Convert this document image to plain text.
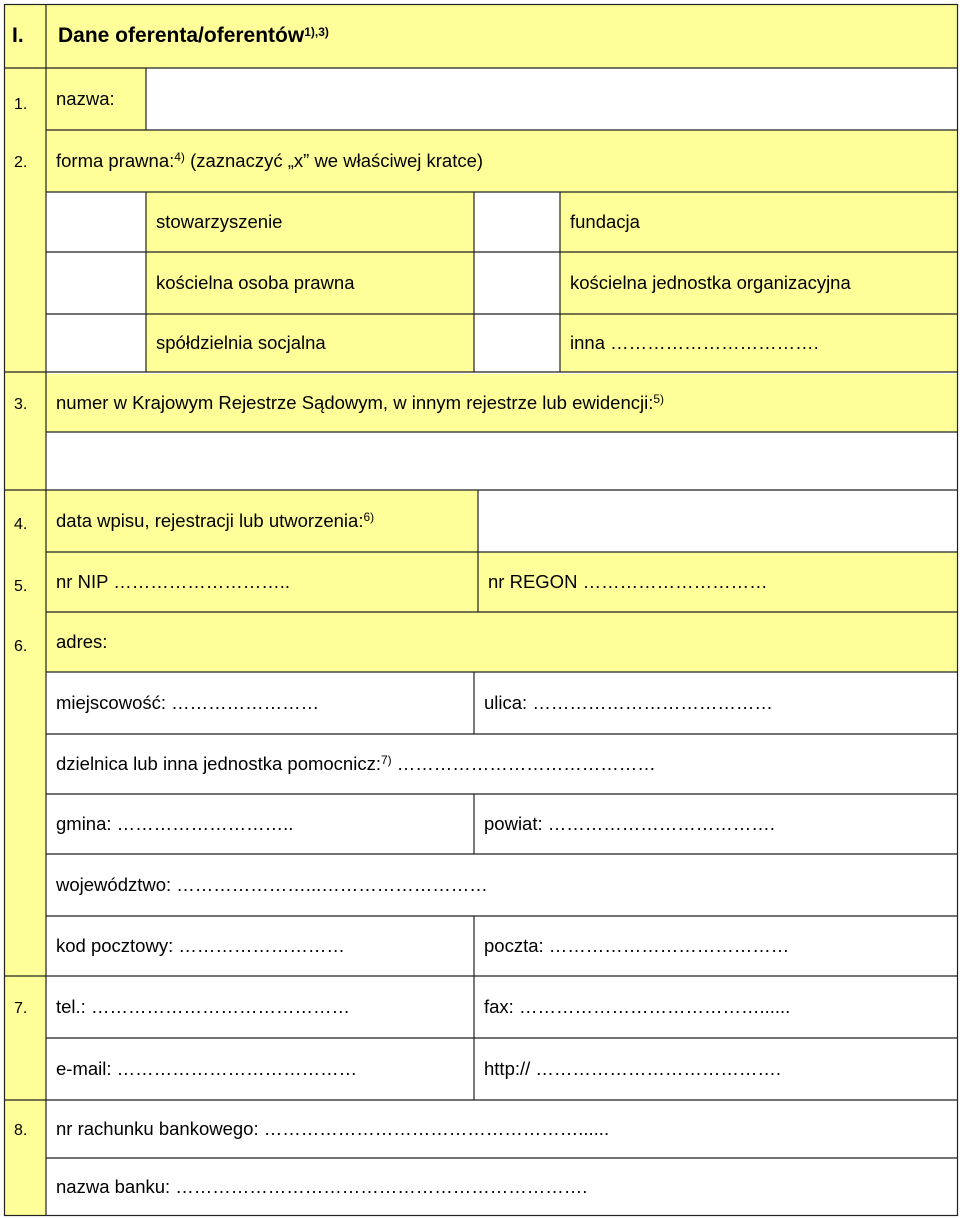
I.	Dane oferenta/oferentów$^{1),3)}$
1.	nazwa:
2.	forma prawna:$^{4)}$
(zaznaczyć „x” we właściwej kratce)
stowarzyszenie	fundacja
kościelna osoba prawna	kościelna jednostka organizacyjna
spółdzielnia socjalna	inna …………………………….
3.	numer w Krajowym Rejestrze Sądowym, w innym rejestrze lub ewidencji:$^{5)}$
4.	data wpisu, rejestracji lub utworzenia:$^{6)}$
5.	nr NIP ………………………..	nr REGON …………………………
6.	adres:
miejscowość: ……………………	ulica: …………………………………
dzielnica lub inna jednostka pomocnicz:$^{7)}$
……………………………………
gmina: ………………………..	powiat: ……………………………….
województwo: …………………...………………………
kod pocztowy: ………………………	poczta: …………………………………
7.	tel.: ……………………………………	fax: …………………………………......
e-mail: …………………………………	http:// ………………………………….
8.	nr rachunku bankowego: ……………………………………………......
nazwa banku: ………………………………………………………….
